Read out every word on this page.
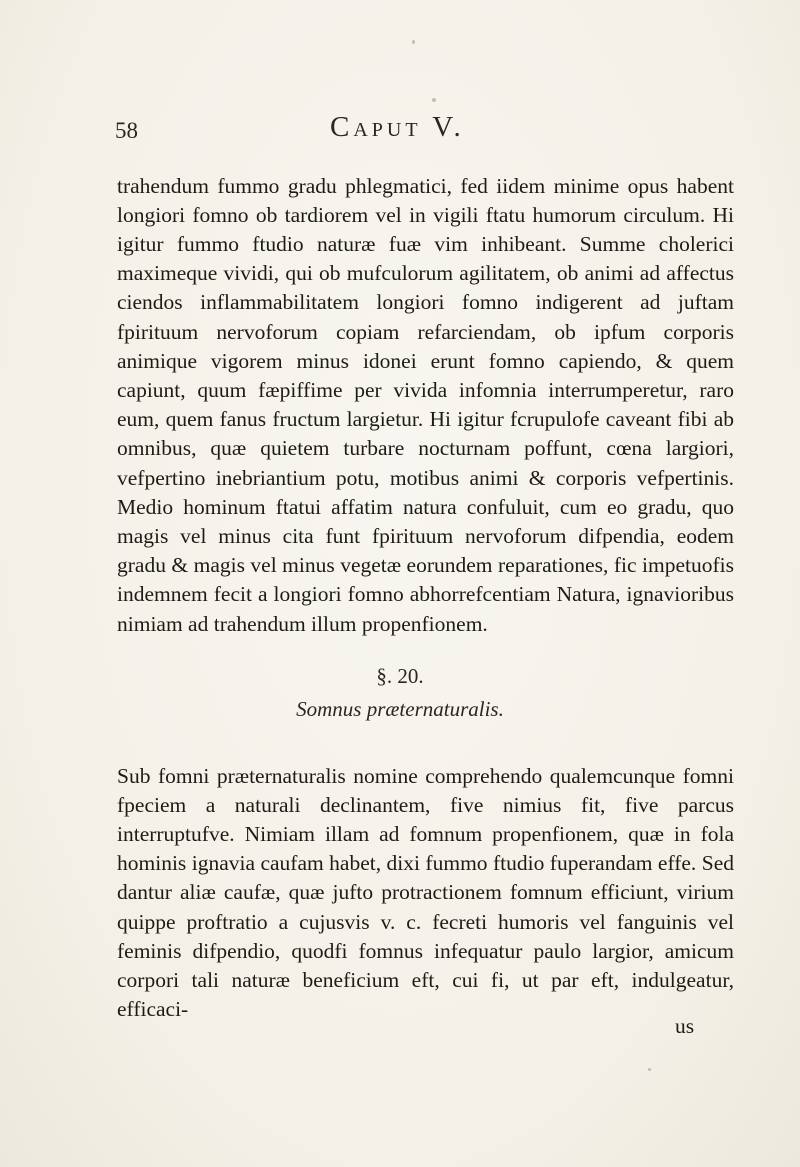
58	Caput V.

trahendum fummo gradu phlegmatici, fed iidem minime opus habent longiori fomno ob tardiorem vel in vigili ftatu humorum circulum. Hi igitur fummo ftudio naturæ fuæ vim inhibeant. Summe cholerici maximeque vividi, qui ob mufculorum agilitatem, ob animi ad affectus ciendos inflammabilitatem longiori fomno indigerent ad juftam fpirituum nervoforum copiam refarciendam, ob ipfum corporis animique vigorem minus idonei erunt fomno capiendo, & quem capiunt, quum fæpiffime per vivida infomnia interrumperetur, raro eum, quem fanus fructum largietur. Hi igitur fcrupulofe caveant fibi ab omnibus, quæ quietem turbare nocturnam poffunt, cœna largiori, vefpertino inebriantium potu, motibus animi & corporis vefpertinis. Medio hominum ftatui affatim natura confuluit, cum eo gradu, quo magis vel minus cita funt fpirituum nervoforum difpendia, eodem gradu & magis vel minus vegetæ eorundem reparationes, fic impetuofis indemnem fecit a longiori fomno abhorrefcentiam Natura, ignavioribus nimiam ad trahendum illum propenfionem.

§. 20.
Somnus præternaturalis.

Sub fomni præternaturalis nomine comprehendo qualemcunque fomni fpeciem a naturali declinantem, five nimius fit, five parcus interruptufve. Nimiam illam ad fomnum propenfionem, quæ in fola hominis ignavia caufam habet, dixi fummo ftudio fuperandam effe. Sed dantur aliæ caufæ, quæ jufto protractionem fomnum efficiunt, virium quippe proftratio a cujusvis v. c. fecreti humoris vel fanguinis vel feminis difpendio, quodfi fomnus infequatur paulo largior, amicum corpori tali naturæ beneficium eft, cui fi, ut par eft, indulgeatur, efficaci-

us
